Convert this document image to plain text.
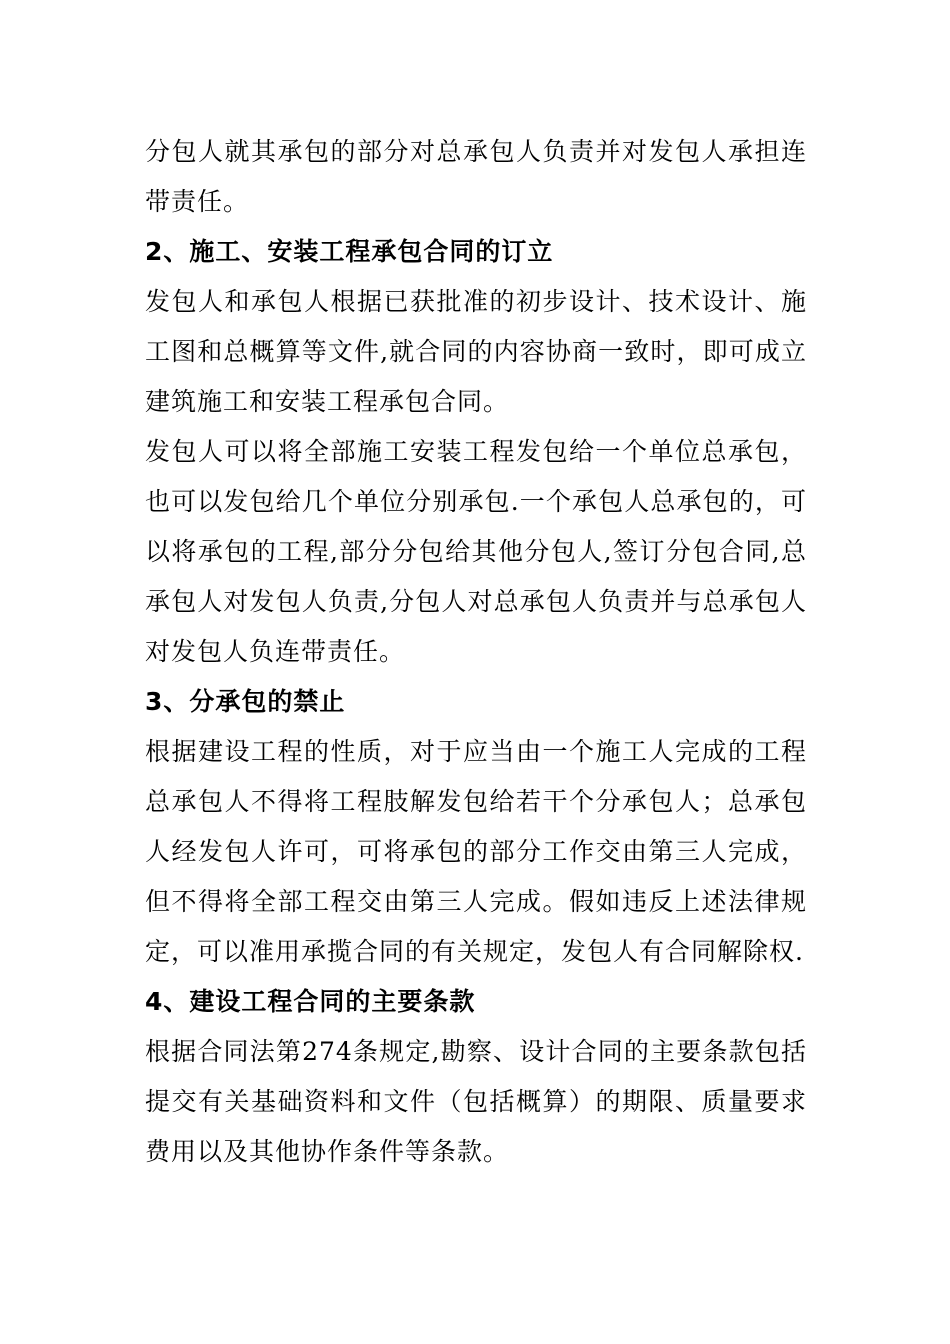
分包人就其承包的部分对总承包人负责并对发包人承担连带责任。

2、施工、安装工程承包合同的订立

发包人和承包人根据已获批准的初步设计、技术设计、施工图和总概算等文件,就合同的内容协商一致时，即可成立建筑施工和安装工程承包合同。

发包人可以将全部施工安装工程发包给一个单位总承包，也可以发包给几个单位分别承包.一个承包人总承包的，可以将承包的工程,部分分包给其他分包人,签订分包合同,总承包人对发包人负责,分包人对总承包人负责并与总承包人对发包人负连带责任。

3、分承包的禁止

根据建设工程的性质，对于应当由一个施工人完成的工程总承包人不得将工程肢解发包给若干个分承包人；总承包人经发包人许可，可将承包的部分工作交由第三人完成，但不得将全部工程交由第三人完成。假如违反上述法律规定，可以准用承揽合同的有关规定，发包人有合同解除权.

4、建设工程合同的主要条款

根据合同法第274条规定,勘察、设计合同的主要条款包括提交有关基础资料和文件（包括概算）的期限、质量要求费用以及其他协作条件等条款。
